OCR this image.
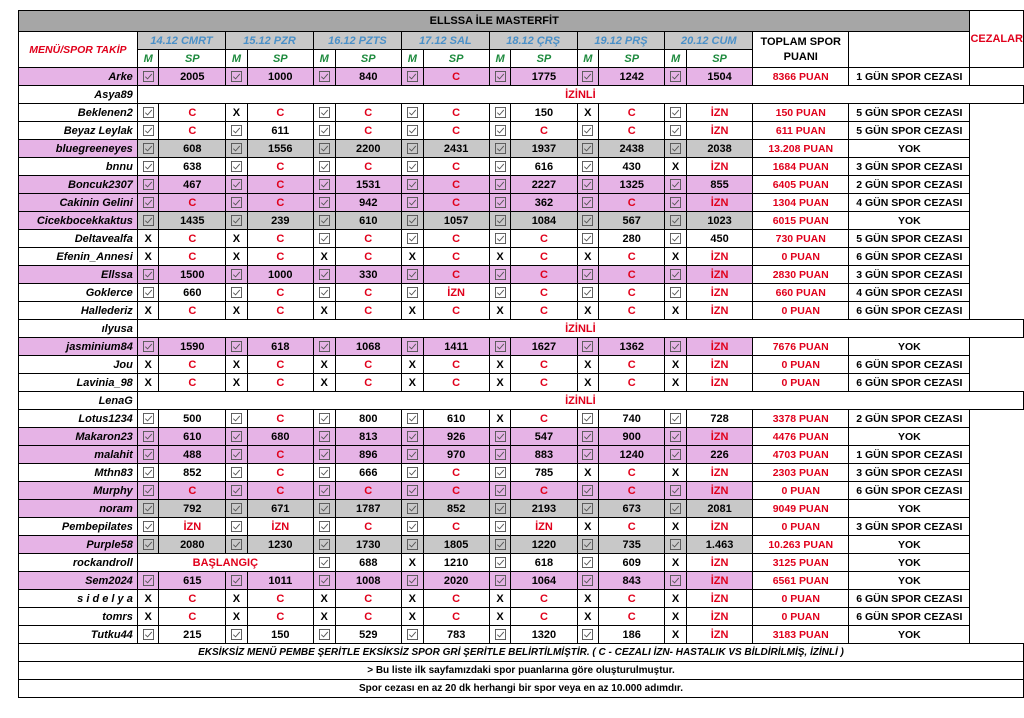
ELLSSA İLE MASTERFİT																	CEZALAR
MENÜ/SPOR TAKİP	14.12 CMRT		15.12 PZR		16.12 PZTS		17.12 SAL		18.12 ÇRŞ		19.12 PRŞ		20.12 CUM		TOPLAM SPOR PUANI		
	M	SP	M	SP	M	SP	M	SP	M	SP	M	SP	M	SP			
Arke		2005		1000		840		C		1775		1242		1504	8366 PUAN	1 GÜN SPOR CEZASI	
Asya89	İZİNLİ																
Beklenen2		C	X	C		C		C		150	X	C		İZN	150 PUAN	5 GÜN SPOR CEZASI	
Beyaz Leylak		C		611		C		C		C		C		İZN	611 PUAN	5 GÜN SPOR CEZASI	
bluegreeneyes		608		1556		2200		2431		1937		2438		2038	13.208 PUAN	YOK	
bnnu		638		C		C		C		616		430	X	İZN	1684 PUAN	3 GÜN SPOR CEZASI	
Boncuk2307		467		C		1531		C		2227		1325		855	6405 PUAN	2 GÜN SPOR CEZASI	
Cakinin Gelini		C		C		942		C		362		C		İZN	1304 PUAN	4 GÜN SPOR CEZASI	
Cicekbocekkaktus		1435		239		610		1057		1084		567		1023	6015 PUAN	YOK	
Deltavealfa	X	C	X	C		C		C		C		280		450	730 PUAN	5 GÜN SPOR CEZASI	
Efenin_Annesi	X	C	X	C	X	C	X	C	X	C	X	C	X	İZN	0 PUAN	6 GÜN SPOR CEZASI	
Ellssa		1500		1000		330		C		C		C		İZN	2830 PUAN	3 GÜN SPOR CEZASI	
Goklerce		660		C		C		İZN		C		C		İZN	660 PUAN	4 GÜN SPOR CEZASI	
Hallederiz	X	C	X	C	X	C	X	C	X	C	X	C	X	İZN	0 PUAN	6 GÜN SPOR CEZASI	
ılyusa	İZİNLİ																
jasminium84		1590		618		1068		1411		1627		1362		İZN	7676 PUAN	YOK	
Jou	X	C	X	C	X	C	X	C	X	C	X	C	X	İZN	0 PUAN	6 GÜN SPOR CEZASI	
Lavinia_98	X	C	X	C	X	C	X	C	X	C	X	C	X	İZN	0 PUAN	6 GÜN SPOR CEZASI	
LenaG	İZİNLİ																
Lotus1234		500		C		800		610	X	C		740		728	3378 PUAN	2 GÜN SPOR CEZASI	
Makaron23		610		680		813		926		547		900		İZN	4476 PUAN	YOK	
malahit		488		C		896		970		883		1240		226	4703 PUAN	1 GÜN SPOR CEZASI	
Mthn83		852		C		666		C		785	X	C	X	İZN	2303 PUAN	3 GÜN SPOR CEZASI	
Murphy		C		C		C		C		C		C		İZN	0 PUAN	6 GÜN SPOR CEZASI	
noram		792		671		1787		852		2193		673		2081	9049 PUAN	YOK	
Pembepilates		İZN		İZN		C		C		İZN	X	C	X	İZN	0 PUAN	3 GÜN SPOR CEZASI	
Purple58		2080		1230		1730		1805		1220		735		1.463	10.263 PUAN	YOK	
rockandroll	BAŞLANGIÇ					688	X	1210		618		609	X	İZN	3125 PUAN	YOK	
Sem2024		615		1011		1008		2020		1064		843		İZN	6561 PUAN	YOK	
s i d e l y a	X	C	X	C	X	C	X	C	X	C	X	C	X	İZN	0 PUAN	6 GÜN SPOR CEZASI	
tomrs	X	C	X	C	X	C	X	C	X	C	X	C	X	İZN	0 PUAN	6 GÜN SPOR CEZASI	
Tutku44		215		150		529		783		1320		186	X	İZN	3183 PUAN	YOK	
EKSİKSİZ MENÜ PEMBE ŞERİTLE EKSİKSİZ SPOR GRİ ŞERİTLE BELİRTİLMİŞTİR. ( C - CEZALI İZN- HASTALIK VS BİLDİRİLMİŞ, İZİNLİ )																	
> Bu liste ilk sayfamızdaki spor puanlarına göre oluşturulmuştur.																	
Spor cezası en az 20 dk herhangi bir spor veya en az 10.000 adımdır.																	
